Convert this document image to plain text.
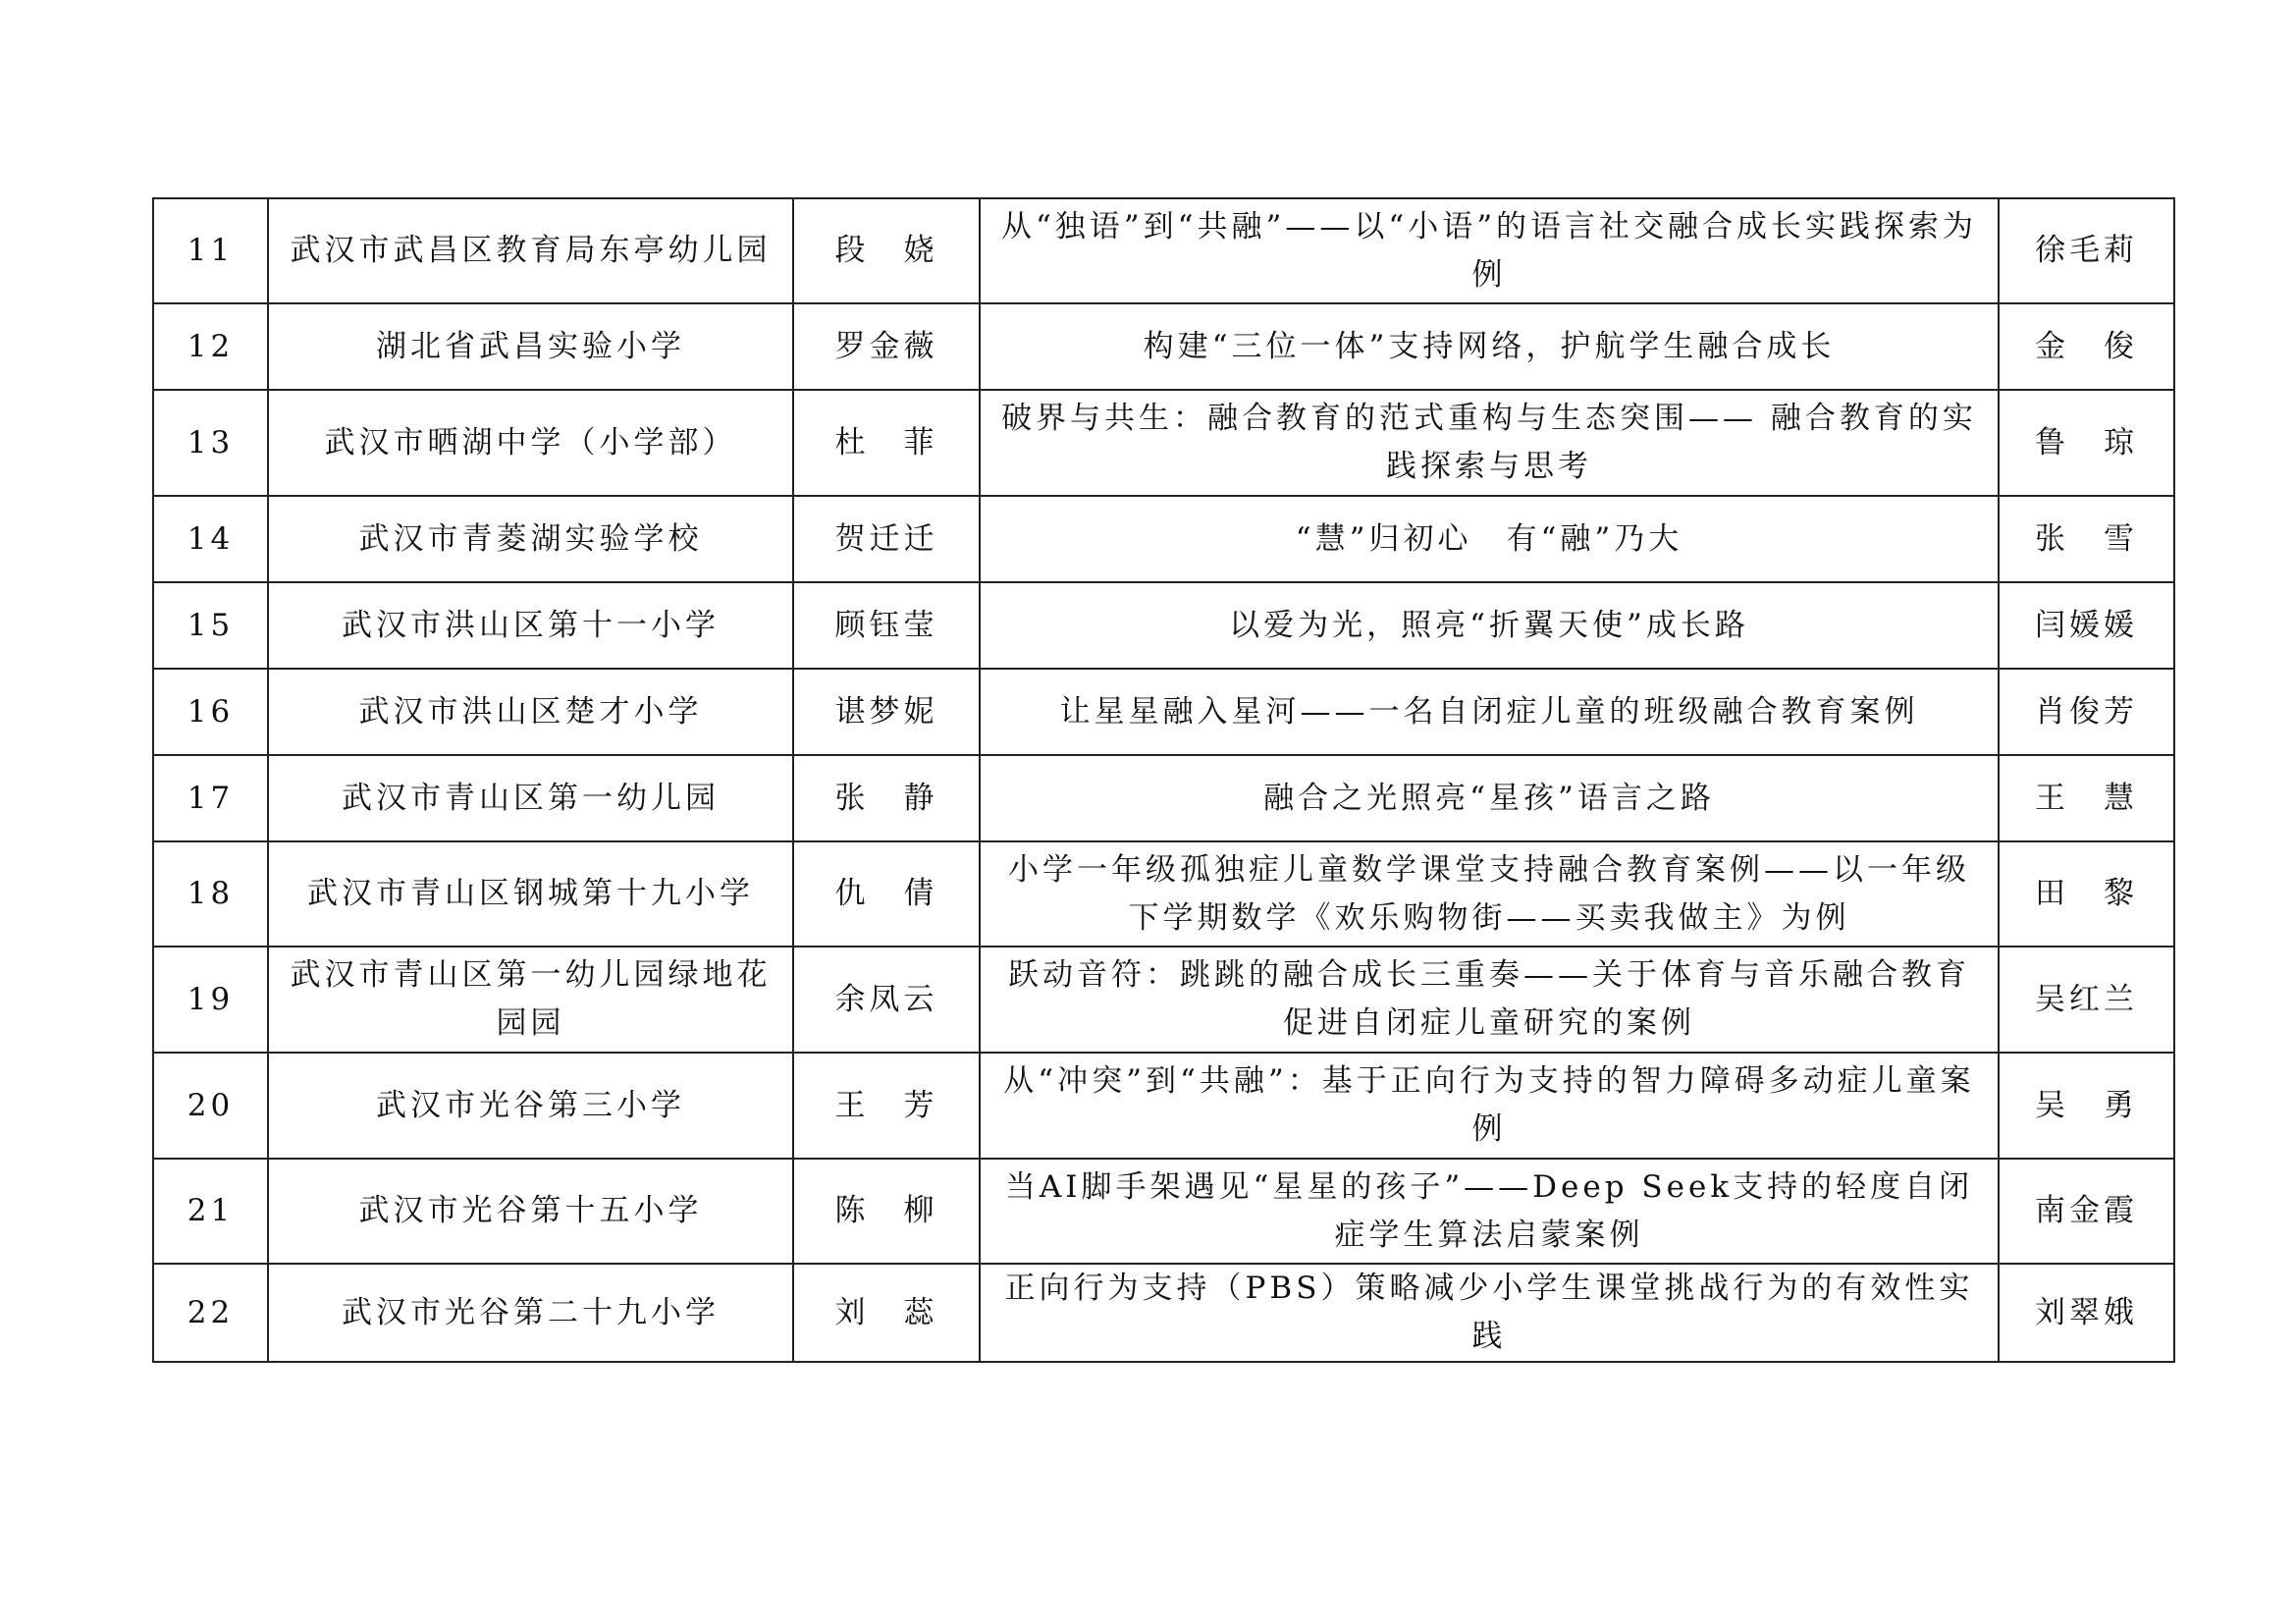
11	武汉市武昌区教育局东亭幼儿园	段　娆	从“独语”到“共融”——以“小语”的语言社交融合成长实践探索为例	徐毛莉
12	湖北省武昌实验小学	罗金薇	构建“三位一体”支持网络，护航学生融合成长	金　俊
13	武汉市晒湖中学（小学部）	杜　菲	破界与共生：融合教育的范式重构与生态突围—— 融合教育的实践探索与思考	鲁　琼
14	武汉市青菱湖实验学校	贺迁迁	“慧”归初心　有“融”乃大	张　雪
15	武汉市洪山区第十一小学	顾钰莹	以爱为光，照亮“折翼天使”成长路	闫媛媛
16	武汉市洪山区楚才小学	谌梦妮	让星星融入星河——一名自闭症儿童的班级融合教育案例	肖俊芳
17	武汉市青山区第一幼儿园	张　静	融合之光照亮“星孩”语言之路	王　慧
18	武汉市青山区钢城第十九小学	仇　倩	小学一年级孤独症儿童数学课堂支持融合教育案例——以一年级下学期数学《欢乐购物街——买卖我做主》为例	田　黎
19	武汉市青山区第一幼儿园绿地花园园	余凤云	跃动音符：跳跳的融合成长三重奏——关于体育与音乐融合教育促进自闭症儿童研究的案例	吴红兰
20	武汉市光谷第三小学	王　芳	从“冲突”到“共融”：基于正向行为支持的智力障碍多动症儿童案例	吴　勇
21	武汉市光谷第十五小学	陈　柳	当AI脚手架遇见“星星的孩子”——Deep Seek支持的轻度自闭症学生算法启蒙案例	南金霞
22	武汉市光谷第二十九小学	刘　蕊	正向行为支持（PBS）策略减少小学生课堂挑战行为的有效性实践	刘翠娥
